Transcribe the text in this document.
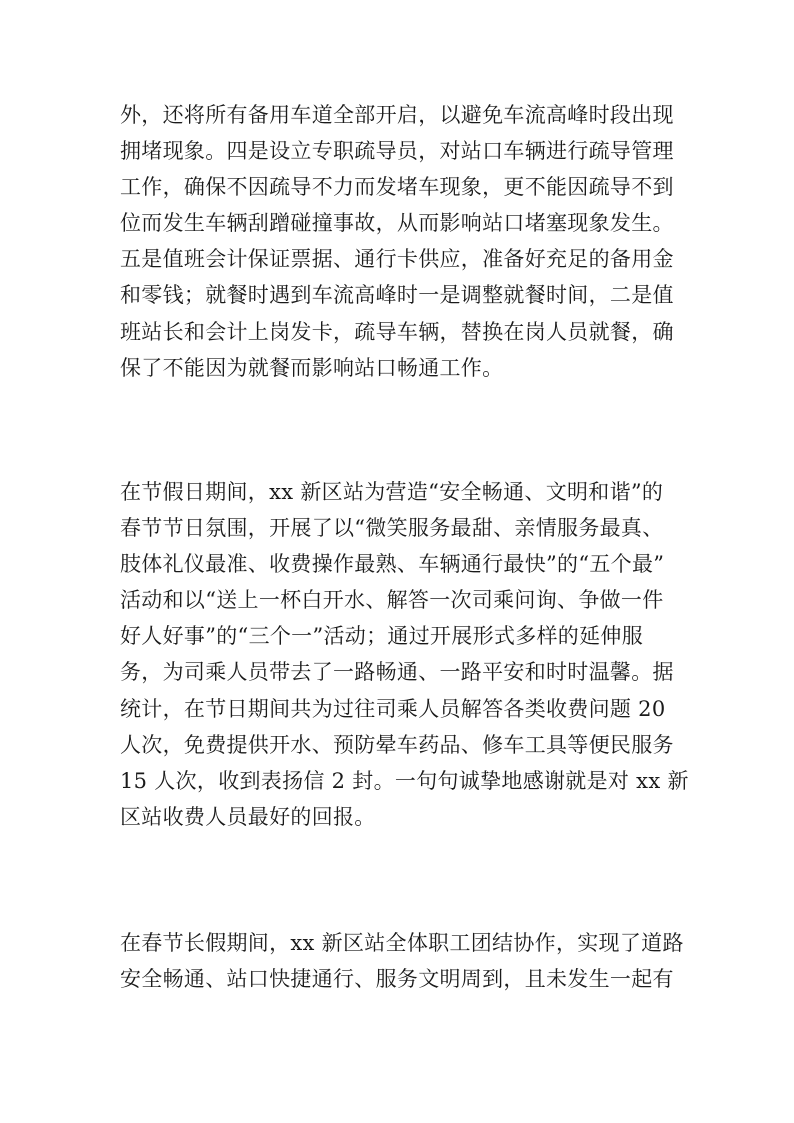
外，还将所有备用车道全部开启，以避免车流高峰时段出现
拥堵现象。四是设立专职疏导员，对站口车辆进行疏导管理
工作，确保不因疏导不力而发堵车现象，更不能因疏导不到
位而发生车辆刮蹭碰撞事故，从而影响站口堵塞现象发生。
五是值班会计保证票据、通行卡供应，准备好充足的备用金
和零钱；就餐时遇到车流高峰时一是调整就餐时间，二是值
班站长和会计上岗发卡，疏导车辆，替换在岗人员就餐，确
保了不能因为就餐而影响站口畅通工作。
在节假日期间，xx 新区站为营造“安全畅通、文明和谐”的
春节节日氛围，开展了以“微笑服务最甜、亲情服务最真、
肢体礼仪最准、收费操作最熟、车辆通行最快”的“五个最”
活动和以“送上一杯白开水、解答一次司乘问询、争做一件
好人好事”的“三个一”活动；通过开展形式多样的延伸服
务，为司乘人员带去了一路畅通、一路平安和时时温馨。据
统计，在节日期间共为过往司乘人员解答各类收费问题 20
人次，免费提供开水、预防晕车药品、修车工具等便民服务
15 人次，收到表扬信 2 封。一句句诚挚地感谢就是对 xx 新
区站收费人员最好的回报。
在春节长假期间，xx 新区站全体职工团结协作，实现了道路
安全畅通、站口快捷通行、服务文明周到，且未发生一起有
